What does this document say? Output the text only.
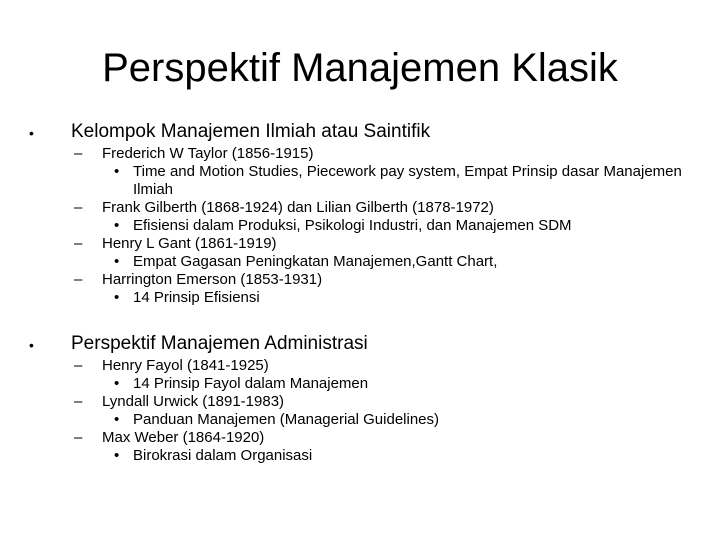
Perspektif Manajemen Klasik
• Kelompok Manajemen Ilmiah atau Saintifik
– Frederich W Taylor (1856-1915)

• Time and Motion Studies, Piecework pay system, Empat Prinsip dasar Manajemen Ilmiah
– Frank Gilberth (1868-1924) dan Lilian Gilberth (1878-1972)

• Efisiensi dalam Produksi, Psikologi Industri, dan Manajemen SDM
– Henry L Gant (1861-1919)

• Empat Gagasan Peningkatan Manajemen,Gantt Chart,
– Harrington Emerson (1853-1931)

• 14 Prinsip Efisiensi
• Perspektif Manajemen Administrasi
– Henry Fayol (1841-1925)

• 14 Prinsip Fayol dalam Manajemen
– Lyndall Urwick (1891-1983)

• Panduan Manajemen (Managerial Guidelines)
– Max Weber (1864-1920)

• Birokrasi dalam Organisasi
